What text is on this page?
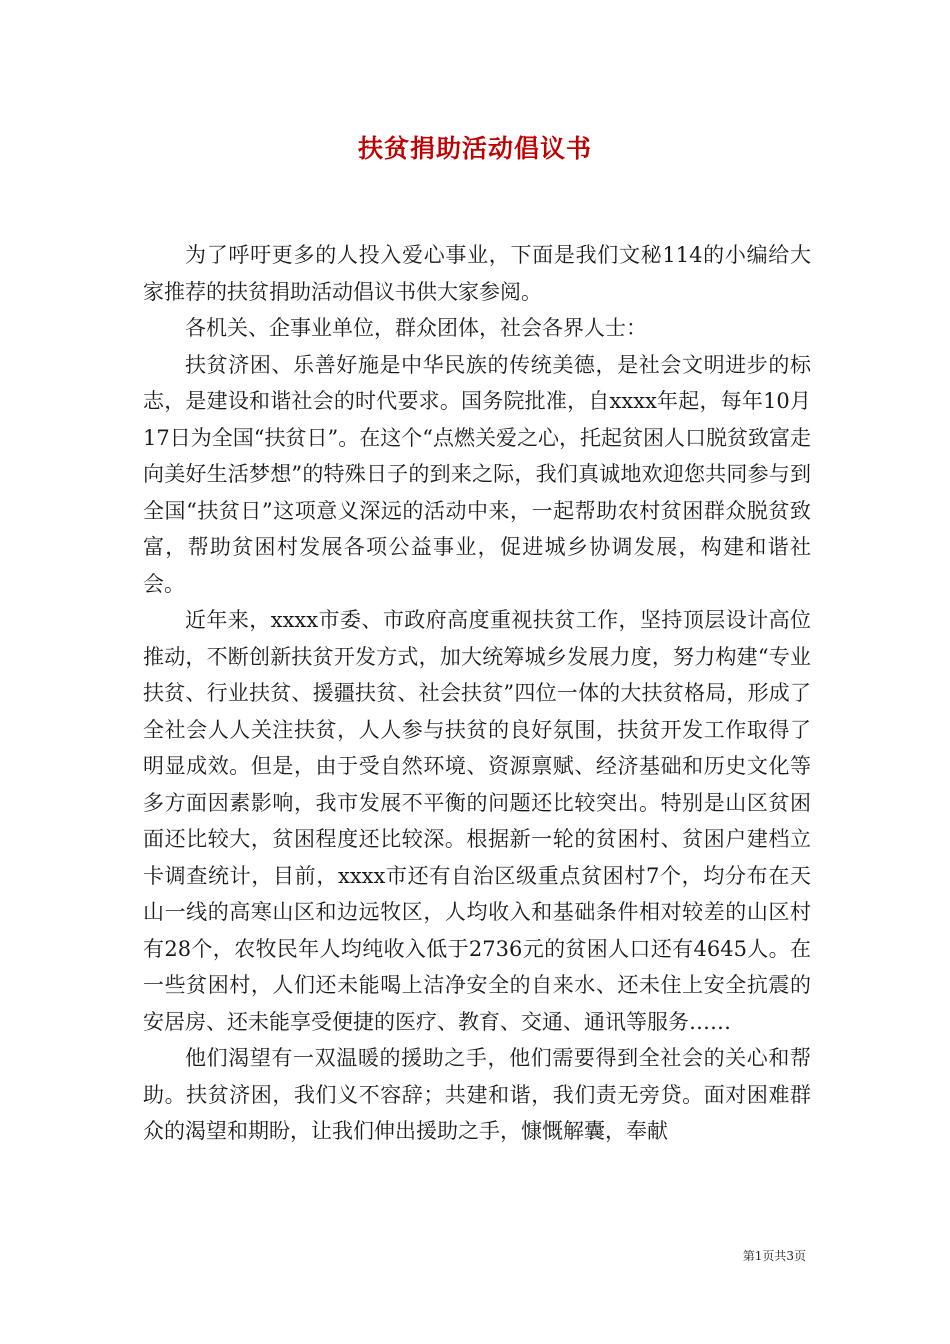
扶贫捐助活动倡议书

为了呼吁更多的人投入爱心事业，下面是我们文秘114的小编给大家推荐的扶贫捐助活动倡议书供大家参阅。

各机关、企事业单位，群众团体，社会各界人士：

扶贫济困、乐善好施是中华民族的传统美德，是社会文明进步的标志，是建设和谐社会的时代要求。国务院批准，自xxxx年起，每年10月17日为全国“扶贫日”。在这个“点燃关爱之心，托起贫困人口脱贫致富走向美好生活梦想”的特殊日子的到来之际，我们真诚地欢迎您共同参与到全国“扶贫日”这项意义深远的活动中来，一起帮助农村贫困群众脱贫致富，帮助贫困村发展各项公益事业，促进城乡协调发展，构建和谐社会。

近年来，xxxx市委、市政府高度重视扶贫工作，坚持顶层设计高位推动，不断创新扶贫开发方式，加大统筹城乡发展力度，努力构建“专业扶贫、行业扶贫、援疆扶贫、社会扶贫”四位一体的大扶贫格局，形成了全社会人人关注扶贫，人人参与扶贫的良好氛围，扶贫开发工作取得了明显成效。但是，由于受自然环境、资源禀赋、经济基础和历史文化等多方面因素影响，我市发展不平衡的问题还比较突出。特别是山区贫困面还比较大，贫困程度还比较深。根据新一轮的贫困村、贫困户建档立卡调查统计，目前，xxxx市还有自治区级重点贫困村7个，均分布在天山一线的高寒山区和边远牧区，人均收入和基础条件相对较差的山区村有28个，农牧民年人均纯收入低于2736元的贫困人口还有4645人。在一些贫困村，人们还未能喝上洁净安全的自来水、还未住上安全抗震的安居房、还未能享受便捷的医疗、教育、交通、通讯等服务……

他们渴望有一双温暖的援助之手，他们需要得到全社会的关心和帮助。扶贫济困，我们义不容辞；共建和谐，我们责无旁贷。面对困难群众的渴望和期盼，让我们伸出援助之手，慷慨解囊，奉献

第1页共3页
